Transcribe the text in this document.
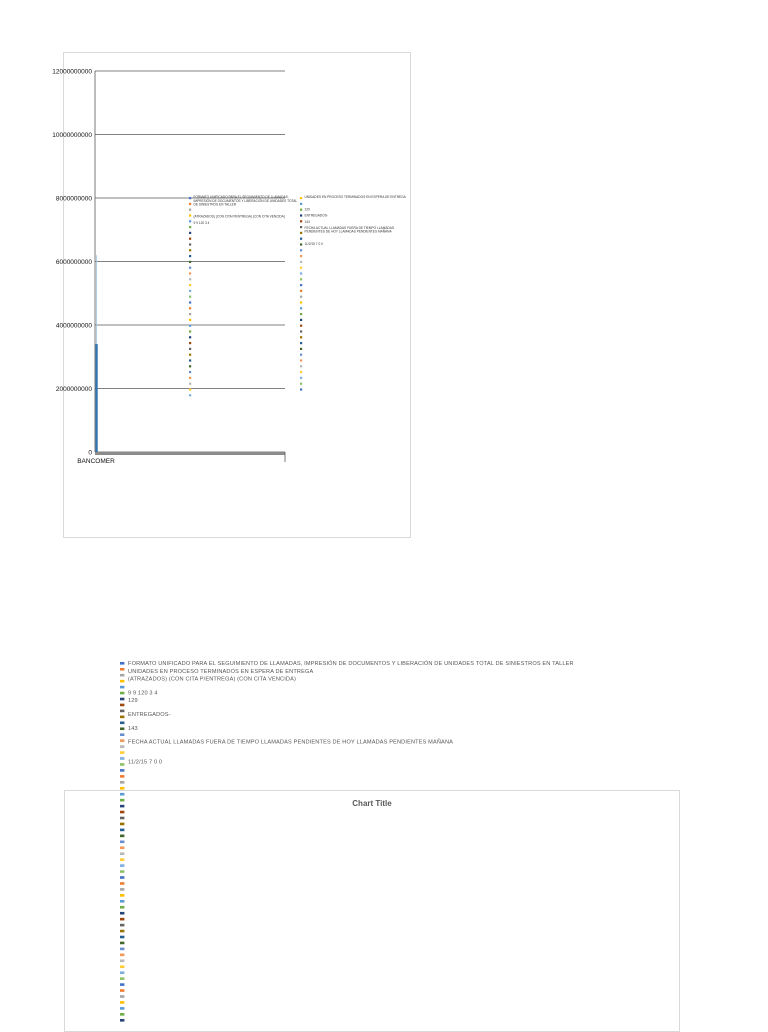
0
2000000000
4000000000
6000000000
8000000000
10000000000
12000000000
BANCOMER
FORMATO UNIFICADO PARA EL SEGUIMIENTO DE LLAMADAS, IMPRESIÓN DE DOCUMENTOS Y LIBERACIÓN DE UNIDADES TOTAL DE SINIESTROS EN TALLER
(ATRAZADOS) (CON CITA P/ENTREGA) (CON CITA VENCIDA)
9 9 120 3 4
UNIDADES EN PROCESO TERMINADOS EN ESPERA DE ENTREGA
129
ENTREGADOS-
143
FECHA ACTUAL LLAMADAS FUERA DE TIEMPO LLAMADAS PENDIENTES DE HOY LLAMADAS PENDIENTES MAÑANA
11/2/15 7 0 0
Chart Title
FORMATO UNIFICADO PARA EL SEGUIMIENTO DE LLAMADAS, IMPRESIÓN DE DOCUMENTOS Y LIBERACIÓN DE UNIDADES TOTAL DE SINIESTROS EN TALLER
UNIDADES EN PROCESO TERMINADOS EN ESPERA DE ENTREGA
(ATRAZADOS) (CON CITA P/ENTREGA) (CON CITA VENCIDA)
9 9 120 3 4
129
ENTREGADOS-
143
FECHA ACTUAL LLAMADAS FUERA DE TIEMPO LLAMADAS PENDIENTES DE HOY LLAMADAS PENDIENTES MAÑANA
11/2/15 7 0 0
